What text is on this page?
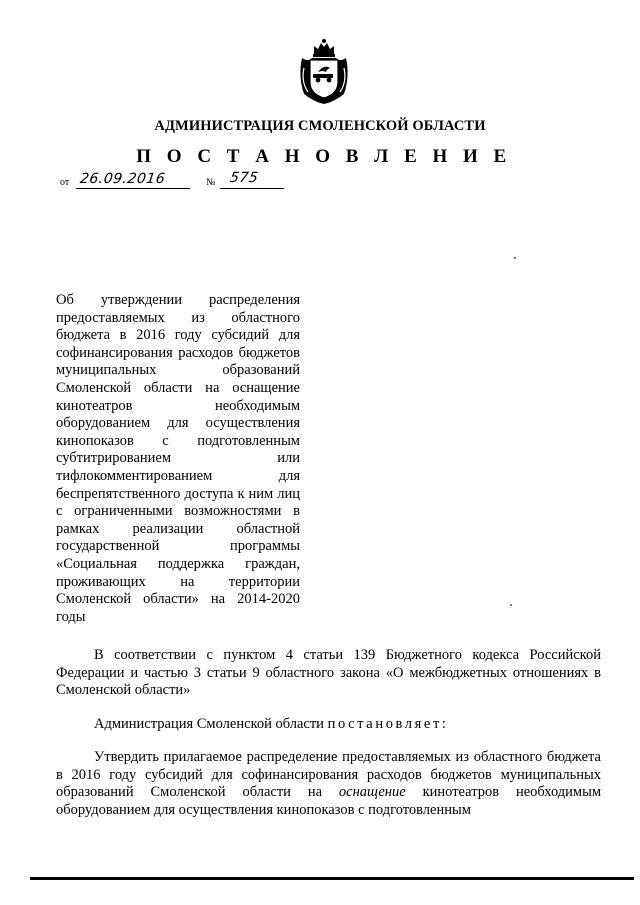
АДМИНИСТРАЦИЯ СМОЛЕНСКОЙ ОБЛАСТИ
П О С Т А Н О В Л Е Н И Е
от 26.09.2016	№ 575
Об утверждении распределения предоставляемых из областного бюджета в 2016 году субсидий для софинансирования расходов бюджетов муниципальных образований Смоленской области на оснащение кинотеатров необходимым оборудованием для осуществления кинопоказов с подготовленным субтитрированием или тифлокомментированием для беспрепятственного доступа к ним лиц с ограниченными возможностями в рамках реализации областной государственной программы «Социальная поддержка граждан, проживающих на территории Смоленской области» на 2014-2020
годы
В соответствии с пунктом 4 статьи 139 Бюджетного кодекса Российской Федерации и частью 3 статьи 9 областного закона «О межбюджетных отношениях в Смоленской области»
Администрация Смоленской области постановляет:
Утвердить прилагаемое распределение предоставляемых из областного бюджета в 2016 году субсидий для софинансирования расходов бюджетов муниципальных образований Смоленской области на оснащение кинотеатров необходимым оборудованием для осуществления кинопоказов с подготовленным
